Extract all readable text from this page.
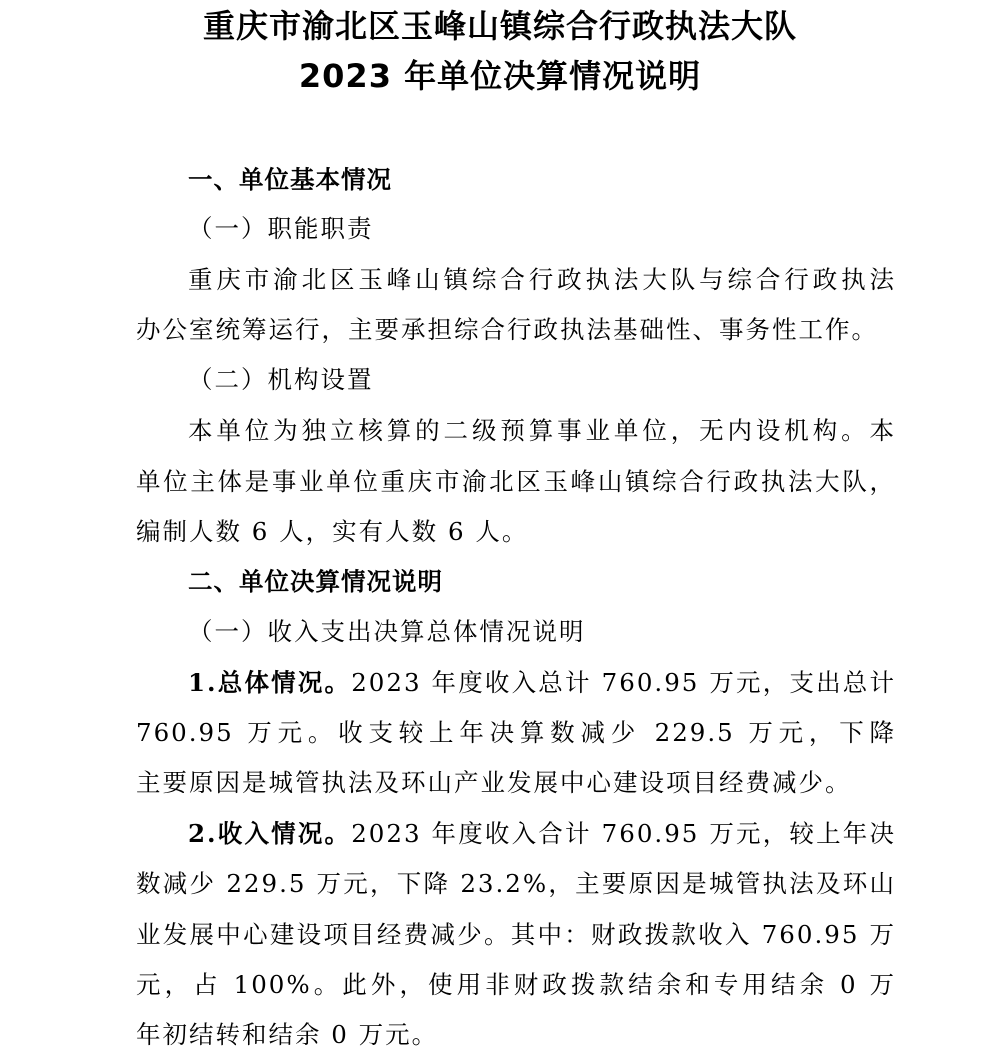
重庆市渝北区玉峰山镇综合行政执法大队
2023 年单位决算情况说明
一、单位基本情况
（一）职能职责
重庆市渝北区玉峰山镇综合行政执法大队与综合行政执法
办公室统筹运行，主要承担综合行政执法基础性、事务性工作。
（二）机构设置
本单位为独立核算的二级预算事业单位，无内设机构。本
单位主体是事业单位重庆市渝北区玉峰山镇综合行政执法大队，
编制人数 6 人，实有人数 6 人。
二、单位决算情况说明
（一）收入支出决算总体情况说明
1.总体情况。2023 年度收入总计 760.95 万元，支出总计
760.95 万元。收支较上年决算数减少 229.5 万元，下降
主要原因是城管执法及环山产业发展中心建设项目经费减少。
2.收入情况。2023 年度收入合计 760.95 万元，较上年决
数减少 229.5 万元，下降 23.2%，主要原因是城管执法及环山
业发展中心建设项目经费减少。其中：财政拨款收入 760.95 万
元，占 100%。此外，使用非财政拨款结余和专用结余 0 万
年初结转和结余 0 万元。
